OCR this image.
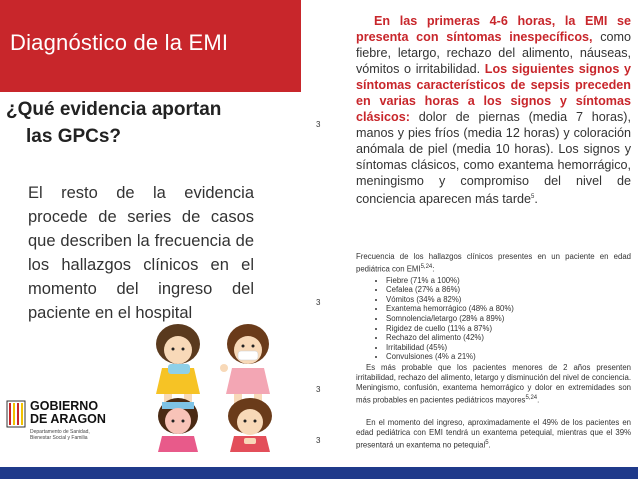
Diagnóstico de la EMI
¿Qué evidencia aportan
las GPCs?
El resto de la evidencia procede de series de casos que describen la frecuencia de los hallazgos clínicos en el momento del ingreso del paciente en el hospital
GOBIERNO
DE ARAGON
Departamento de Sanidad,
Bienestar Social y Familia
3
3
3
3
En las primeras 4-6 horas, la EMI se presenta con síntomas inespecíficos, como fiebre, letargo, rechazo del alimento, náuseas, vómitos o irritabilidad. Los siguientes signos y síntomas característicos de sepsis preceden en varias horas a los signos y síntomas clásicos: dolor de piernas (media 7 horas), manos y pies fríos (media 12 horas) y coloración anómala de piel (media 10 horas). Los signos y síntomas clásicos, como exantema hemorrágico, meningismo y compromiso del nivel de conciencia aparecen más tarde$^5$.
Frecuencia de los hallazgos clínicos presentes en un paciente en edad pediátrica con EMI$^{5,24}$:
• Fiebre (71% a 100%)
• Cefalea (27% a 86%)
• Vómitos (34% a 82%)
• Exantema hemorrágico (48% a 80%)
• Somnolencia/letargo (28% a 89%)
• Rigidez de cuello (11% a 87%)
• Rechazo del alimento (42%)
• Irritabilidad (45%)
• Convulsiones (4% a 21%)
Es más probable que los pacientes menores de 2 años presenten irritabilidad, rechazo del alimento, letargo y disminución del nivel de conciencia. Meningismo, confusión, exantema hemorrágico y dolor en extremidades son más probables en pacientes pediátricos mayores$^{5,24}$.
En el momento del ingreso, aproximadamente el 49% de los pacientes en edad pediátrica con EMI tendrá un exantema petequial, mientras que el 39% presentará un exantema no petequial$^5$.
